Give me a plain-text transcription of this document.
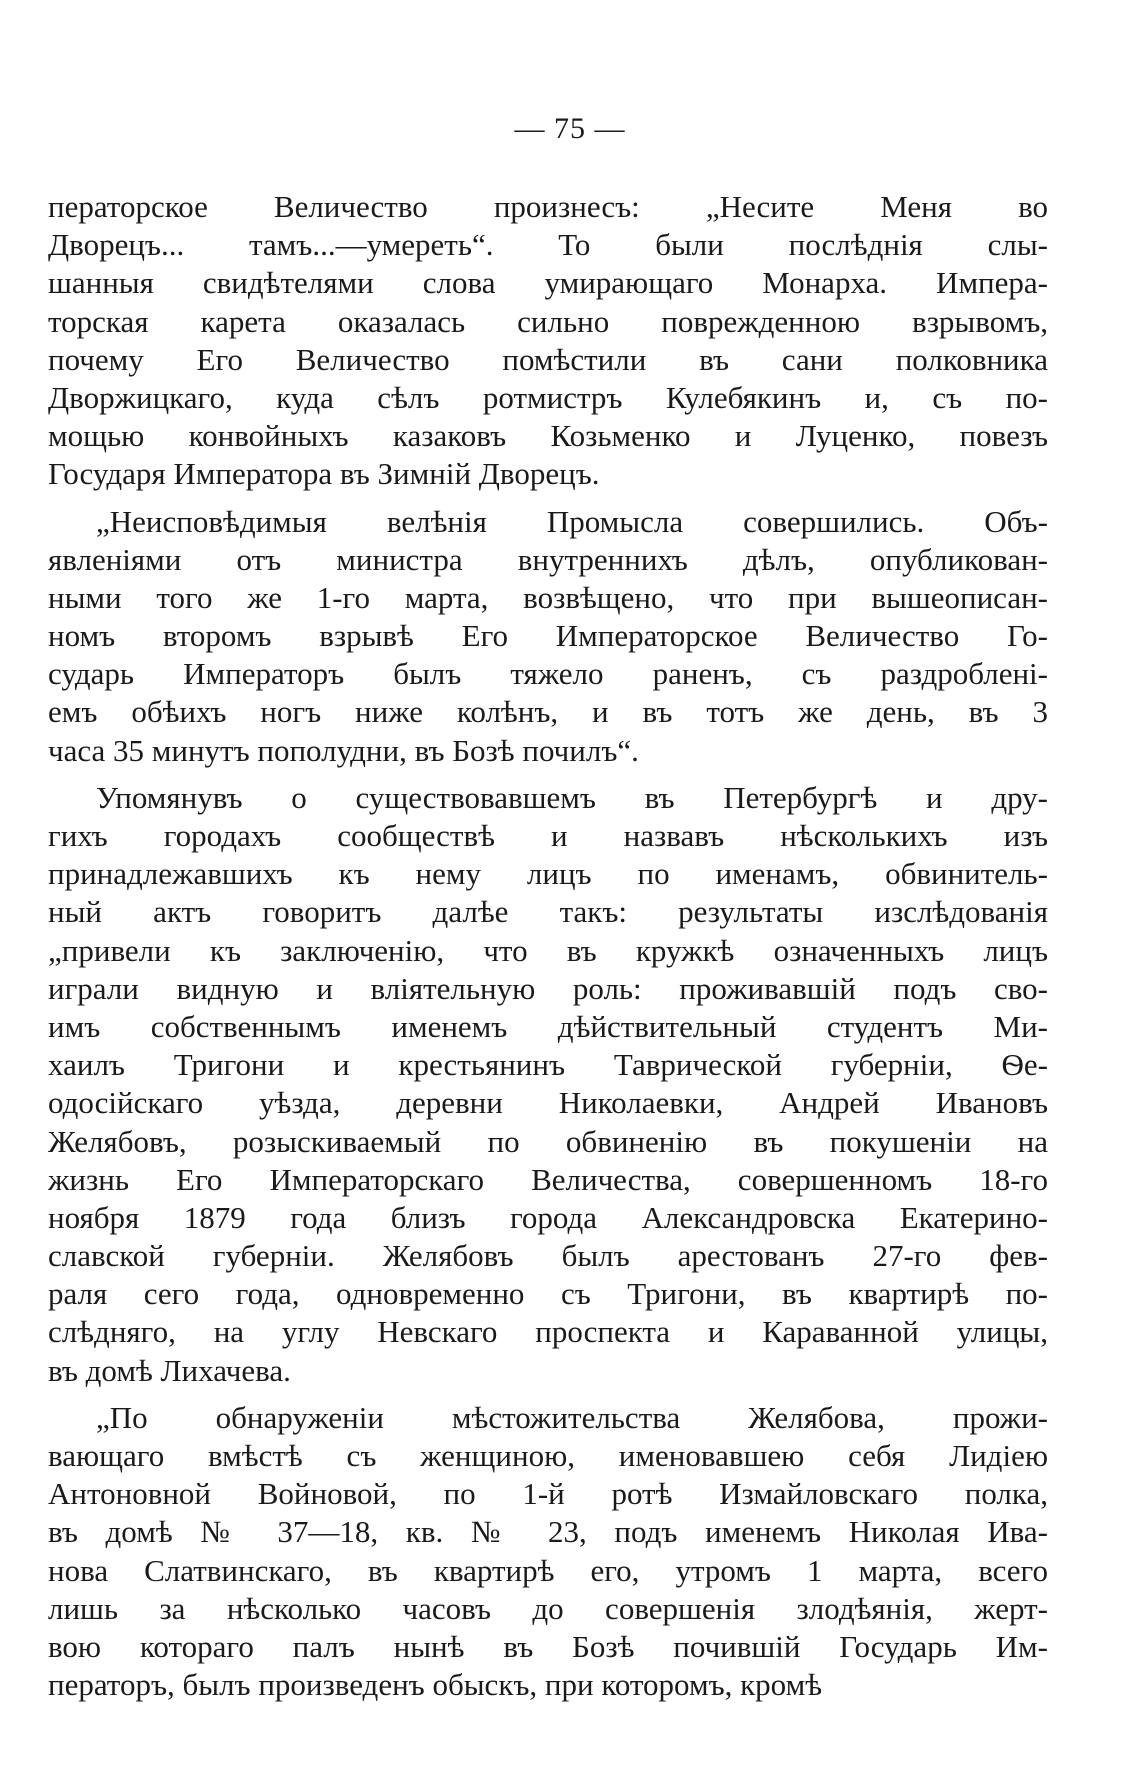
— 75 —
ператорское Величество произнесъ: „Несите Меня во
Дворецъ... тамъ...—умереть“. То были послѣднія слы-
шанныя свидѣтелями слова умирающаго Монарха. Импера-
торская карета оказалась сильно поврежденною взрывомъ,
почему Его Величество помѣстили въ сани полковника
Дворжицкаго, куда сѣлъ ротмистръ Кулебякинъ и, съ по-
мощью конвойныхъ казаковъ Козьменко и Луценко, повезъ
Государя Императора въ Зимній Дворецъ.
„Неисповѣдимыя велѣнія Промысла совершились. Объ-
явленіями отъ министра внутреннихъ дѣлъ, опубликован-
ными того же 1-го марта, возвѣщено, что при вышеописан-
номъ второмъ взрывѣ Его Императорское Величество Го-
сударь Императоръ былъ тяжело раненъ, съ раздробленi-
емъ обѣихъ ногъ ниже колѣнъ, и въ тотъ же день, въ 3
часа 35 минутъ пополудни, въ Бозѣ почилъ“.
Упомянувъ о существовавшемъ въ Петербургѣ и дру-
гихъ городахъ сообществѣ и назвавъ нѣсколькихъ изъ
принадлежавшихъ къ нему лицъ по именамъ, обвинитель-
ный актъ говоритъ далѣе такъ: результаты изслѣдованія
„привели къ заключенію, что въ кружкѣ означенныхъ лицъ
играли видную и вліятельную роль: проживавшій подъ сво-
имъ собственнымъ именемъ дѣйствительный студентъ Ми-
хаилъ Тригони и крестьянинъ Таврической губерніи, Ѳе-
одосійскаго уѣзда, деревни Николаевки, Андрей Ивановъ
Желябовъ, розыскиваемый по обвиненію въ покушеніи на
жизнь Его Императорскаго Величества, совершенномъ 18-го
ноября 1879 года близъ города Александровска Екатерино-
славской губерніи. Желябовъ былъ арестованъ 27-го фев-
раля сего года, одновременно съ Тригони, въ квартирѣ по-
слѣдняго, на углу Невскаго проспекта и Караванной улицы,
въ домѣ Лихачева.
„По обнаруженіи мѣстожительства Желябова, прожи-
вающаго вмѣстѣ съ женщиною, именовавшею себя Лидіею
Антоновной Войновой, по 1-й ротѣ Измайловскаго полка,
въ домѣ № 37—18, кв. № 23, подъ именемъ Николая Ива-
нова Слатвинскаго, въ квартирѣ его, утромъ 1 марта, всего
лишь за нѣсколько часовъ до совершенія злодѣянія, жерт-
вою котораго палъ нынѣ въ Бозѣ почившій Государь Им-
ператоръ, былъ произведенъ обыскъ, при которомъ, кромѣ
